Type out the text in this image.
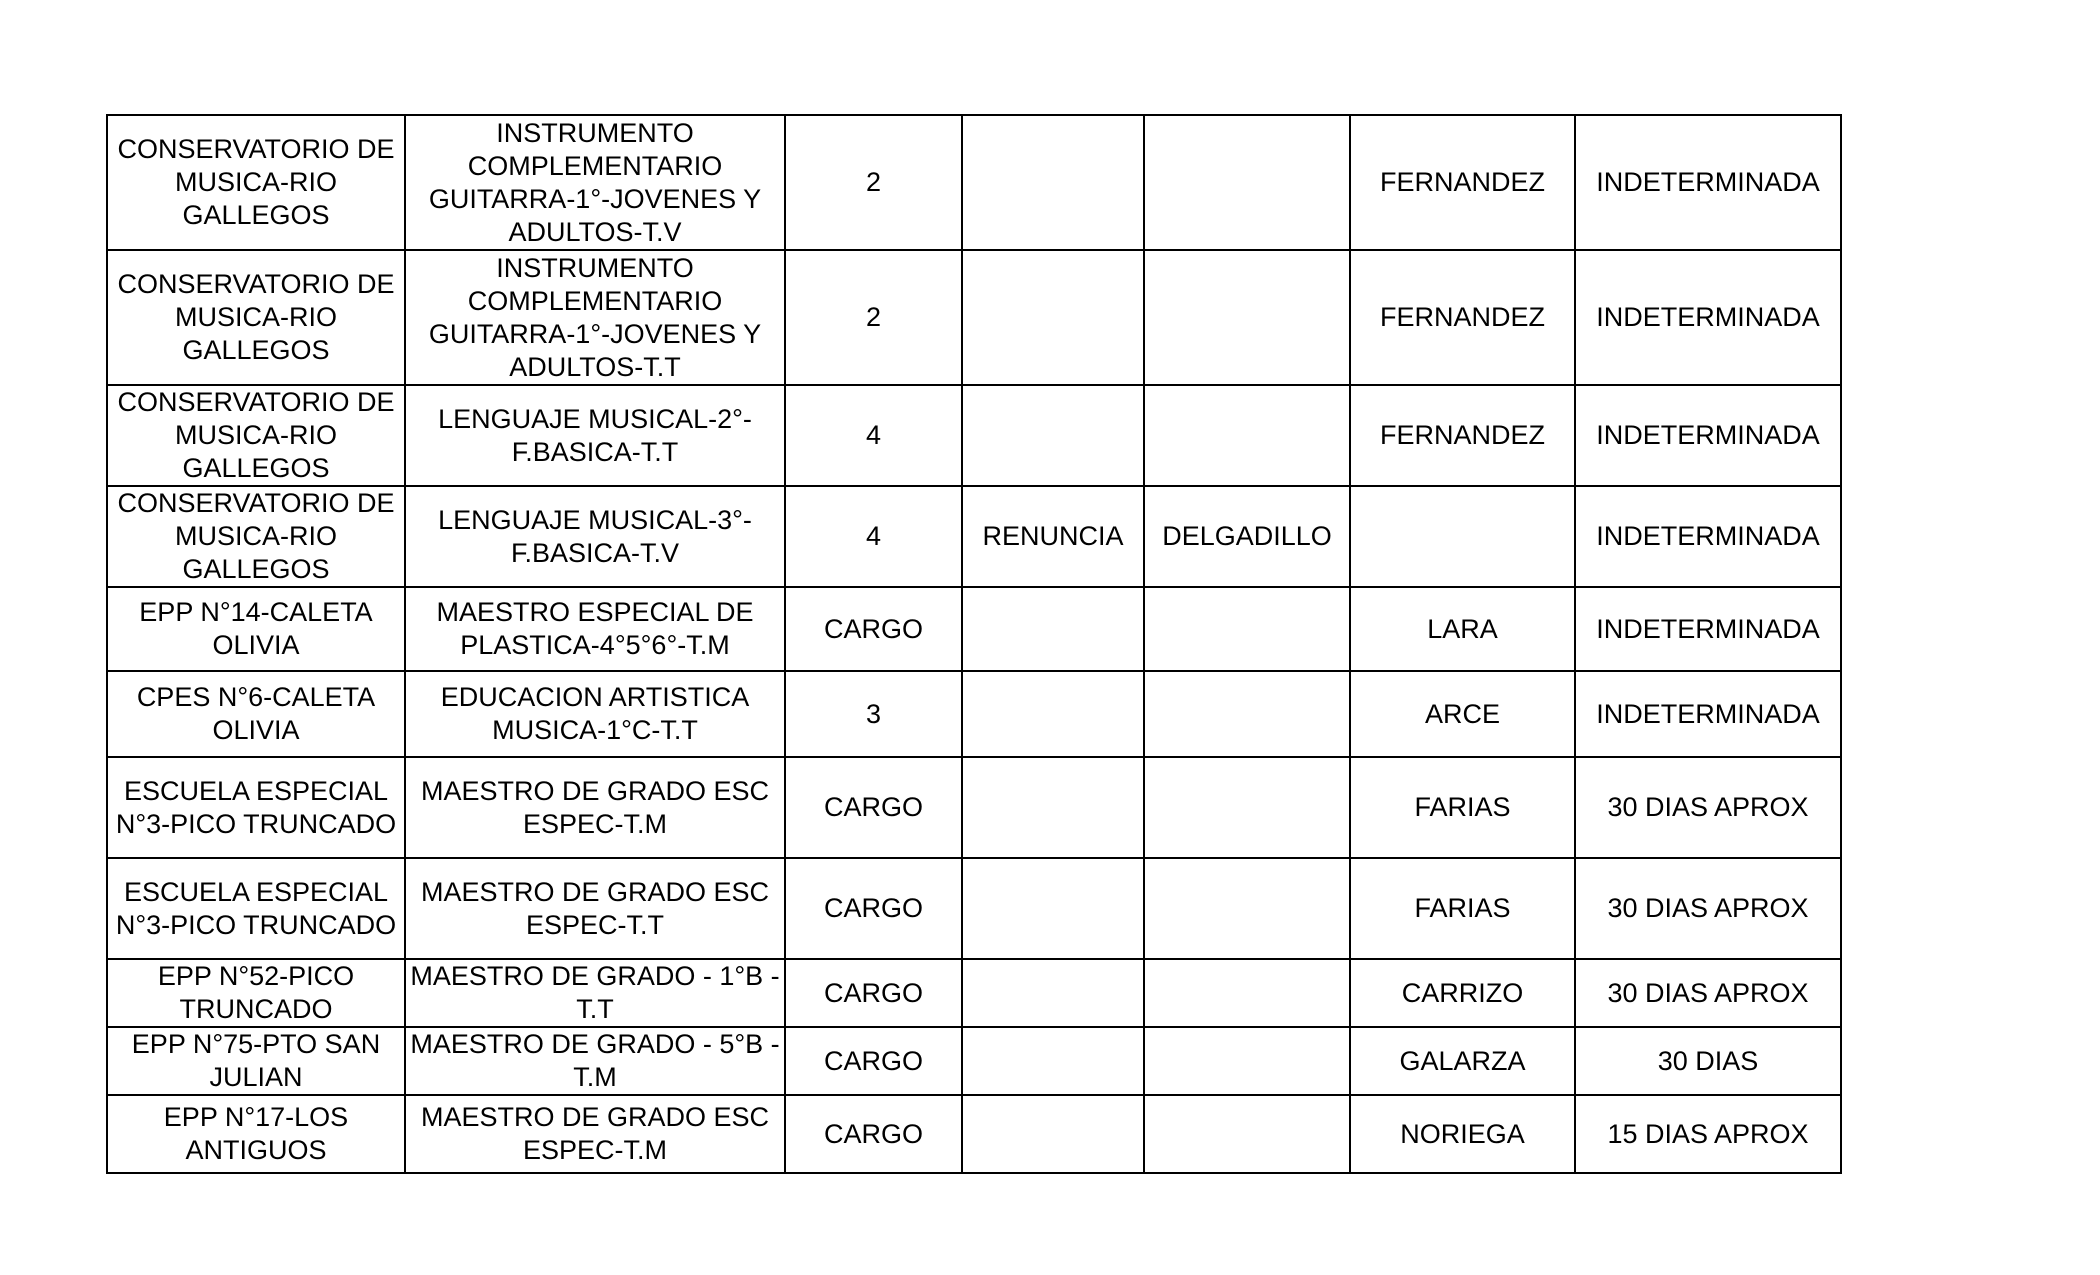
CONSERVATORIO DE MUSICA-RIO GALLEGOS	INSTRUMENTO COMPLEMENTARIO GUITARRA-1°-JOVENES Y ADULTOS-T.V	2			FERNANDEZ	INDETERMINADA
CONSERVATORIO DE MUSICA-RIO GALLEGOS	INSTRUMENTO COMPLEMENTARIO GUITARRA-1°-JOVENES Y ADULTOS-T.T	2			FERNANDEZ	INDETERMINADA
CONSERVATORIO DE MUSICA-RIO GALLEGOS	LENGUAJE MUSICAL-2°-F.BASICA-T.T	4			FERNANDEZ	INDETERMINADA
CONSERVATORIO DE MUSICA-RIO GALLEGOS	LENGUAJE MUSICAL-3°-F.BASICA-T.V	4	RENUNCIA	DELGADILLO		INDETERMINADA
EPP N°14-CALETA OLIVIA	MAESTRO ESPECIAL DE PLASTICA-4°5°6°-T.M	CARGO			LARA	INDETERMINADA
CPES N°6-CALETA OLIVIA	EDUCACION ARTISTICA MUSICA-1°C-T.T	3			ARCE	INDETERMINADA
ESCUELA ESPECIAL N°3-PICO TRUNCADO	MAESTRO DE GRADO ESC ESPEC-T.M	CARGO			FARIAS	30 DIAS APROX
ESCUELA ESPECIAL N°3-PICO TRUNCADO	MAESTRO DE GRADO ESC ESPEC-T.T	CARGO			FARIAS	30 DIAS APROX
EPP N°52-PICO TRUNCADO	MAESTRO DE GRADO - 1°B - T.T	CARGO			CARRIZO	30 DIAS APROX
EPP N°75-PTO SAN JULIAN	MAESTRO DE GRADO - 5°B - T.M	CARGO			GALARZA	30 DIAS
EPP N°17-LOS ANTIGUOS	MAESTRO DE GRADO ESC ESPEC-T.M	CARGO			NORIEGA	15 DIAS APROX
